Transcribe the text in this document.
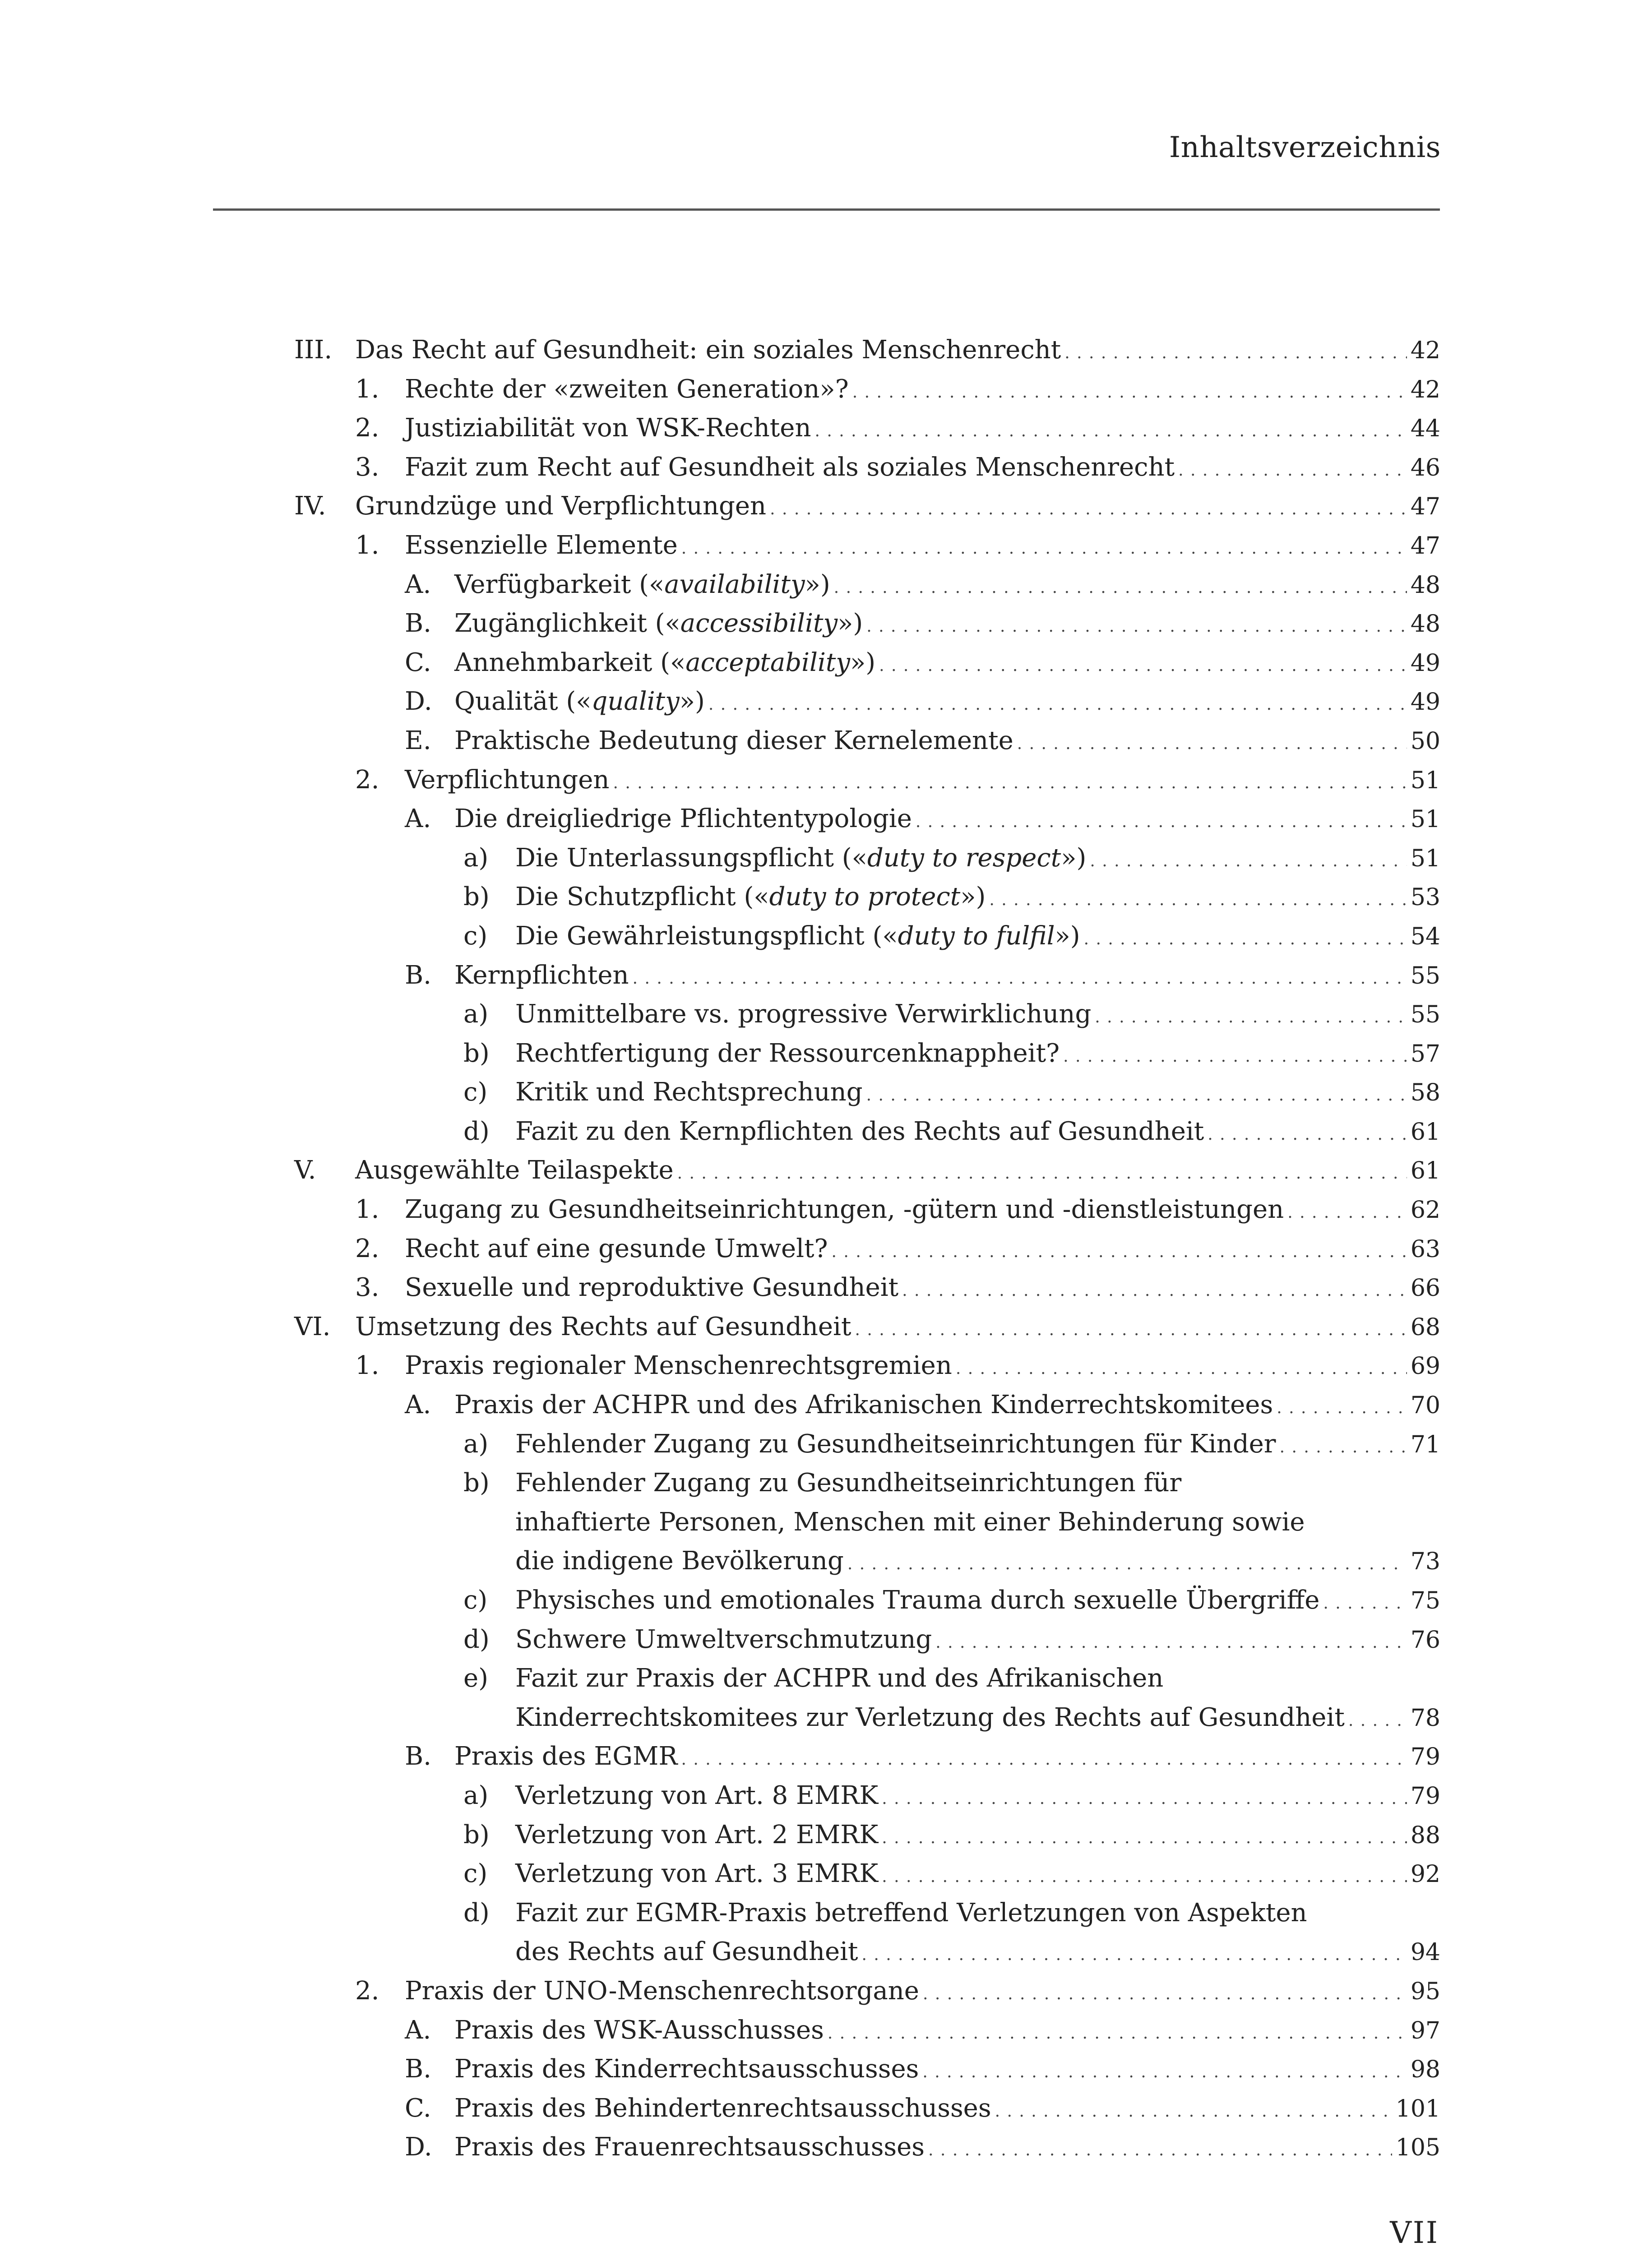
Inhaltsverzeichnis
III. Das Recht auf Gesundheit: ein soziales Menschenrecht . . .	42
1. Rechte der «zweiten Generation»? . . .	42
2. Justiziabilität von WSK-Rechten . . .	44
3. Fazit zum Recht auf Gesundheit als soziales Menschenrecht . . .	46
IV. Grundzüge und Verpflichtungen . . .	47
1. Essenzielle Elemente . . .	47
A. Verfügbarkeit («availability») . . .	48
B. Zugänglichkeit («accessibility») . . .	48
C. Annehmbarkeit («acceptability») . . .	49
D. Qualität («quality») . . .	49
E. Praktische Bedeutung dieser Kernelemente . . .	50
2. Verpflichtungen . . .	51
A. Die dreigliedrige Pflichtentypologie . . .	51
a) Die Unterlassungspflicht («duty to respect») . . .	51
b) Die Schutzpflicht («duty to protect») . . .	53
c) Die Gewährleistungspflicht («duty to fulfil») . . .	54
B. Kernpflichten . . .	55
a) Unmittelbare vs. progressive Verwirklichung . . .	55
b) Rechtfertigung der Ressourcenknappheit? . . .	57
c) Kritik und Rechtsprechung . . .	58
d) Fazit zu den Kernpflichten des Rechts auf Gesundheit . . .	61
V. Ausgewählte Teilaspekte . . .	61
1. Zugang zu Gesundheitseinrichtungen, -gütern und -dienstleistungen . . .	62
2. Recht auf eine gesunde Umwelt? . . .	63
3. Sexuelle und reproduktive Gesundheit . . .	66
VI. Umsetzung des Rechts auf Gesundheit . . .	68
1. Praxis regionaler Menschenrechtsgremien . . .	69
A. Praxis der ACHPR und des Afrikanischen Kinderrechtskomitees . . .	70
a) Fehlender Zugang zu Gesundheitseinrichtungen für Kinder . . .	71
b) Fehlender Zugang zu Gesundheitseinrichtungen für
inhaftierte Personen, Menschen mit einer Behinderung sowie
die indigene Bevölkerung . . .	73
c) Physisches und emotionales Trauma durch sexuelle Übergriffe . . .	75
d) Schwere Umweltverschmutzung . . .	76
e) Fazit zur Praxis der ACHPR und des Afrikanischen
Kinderrechtskomitees zur Verletzung des Rechts auf Gesundheit . . .	78
B. Praxis des EGMR . . .	79
a) Verletzung von Art. 8 EMRK . . .	79
b) Verletzung von Art. 2 EMRK . . .	88
c) Verletzung von Art. 3 EMRK . . .	92
d) Fazit zur EGMR-Praxis betreffend Verletzungen von Aspekten
des Rechts auf Gesundheit . . .	94
2. Praxis der UNO-Menschenrechtsorgane . . .	95
A. Praxis des WSK-Ausschusses . . .	97
B. Praxis des Kinderrechtsausschusses . . .	98
C. Praxis des Behindertenrechtsausschusses . . .	101
D. Praxis des Frauenrechtsausschusses . . .	105
VII
